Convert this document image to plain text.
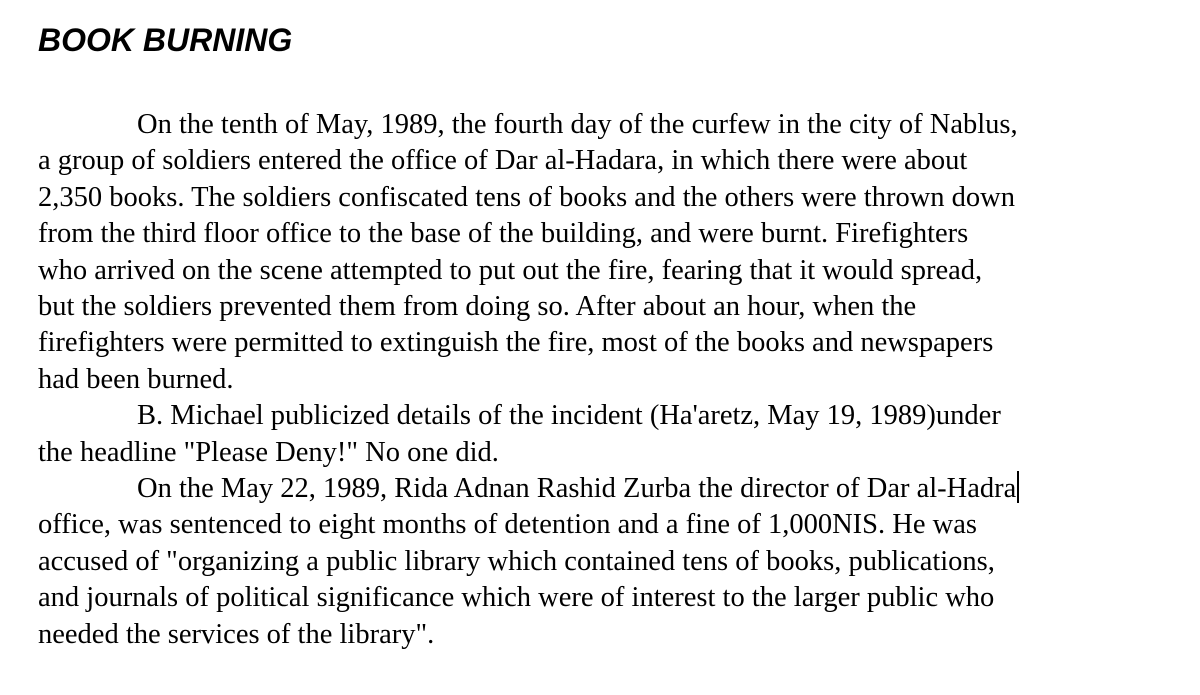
BOOK BURNING
On the tenth of May, 1989, the fourth day of the curfew in the city of Nablus,
a group of soldiers entered the office of Dar al-Hadara, in which there were about
2,350 books. The soldiers confiscated tens of books and the others were thrown down
from the third floor office to the base of the building, and were burnt. Firefighters
who arrived on the scene attempted to put out the fire, fearing that it would spread,
but the soldiers prevented them from doing so. After about an hour, when the
firefighters were permitted to extinguish the fire, most of the books and newspapers
had been burned.
B. Michael publicized details of the incident (Ha'aretz, May 19, 1989)under
the headline "Please Deny!" No one did.
On the May 22, 1989, Rida Adnan Rashid Zurba the director of Dar al-Hadra
office, was sentenced to eight months of detention and a fine of 1,000NIS. He was
accused of "organizing a public library which contained tens of books, publications,
and journals of political significance which were of interest to the larger public who
needed the services of the library".
